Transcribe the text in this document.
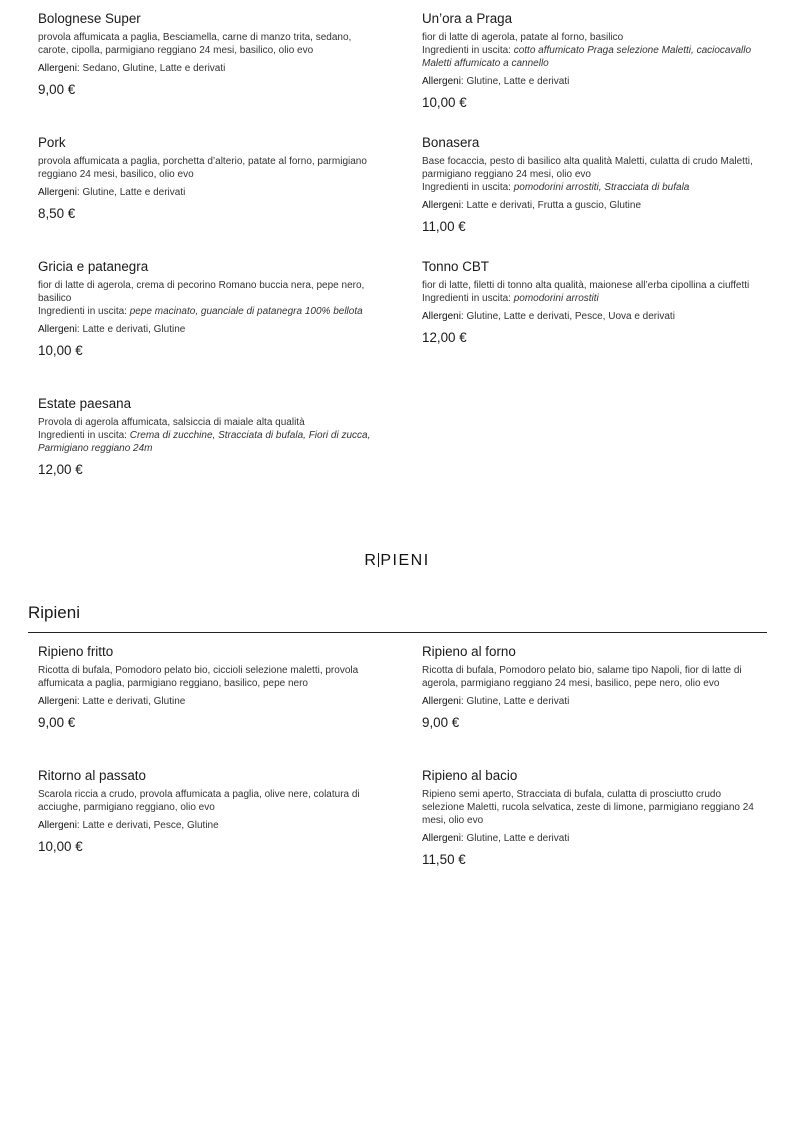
Bolognese Super

provola affumicata a paglia, Besciamella, carne di manzo trita, sedano, carote, cipolla, parmigiano reggiano 24 mesi, basilico, olio evo

Allergeni: Sedano, Glutine, Latte e derivati

9,00 €
Un’ora a Praga

fior di latte di agerola, patate al forno, basilico

Ingredienti in uscita: cotto affumicato Praga selezione Maletti, caciocavallo Maletti affumicato a cannello

Allergeni: Glutine, Latte e derivati

10,00 €
Pork

provola affumicata a paglia, porchetta d’alterio, patate al forno, parmigiano reggiano 24 mesi, basilico, olio evo

Allergeni: Glutine, Latte e derivati

8,50 €
Bonasera

Base focaccia, pesto di basilico alta qualità Maletti, culatta di crudo Maletti, parmigiano reggiano 24 mesi, olio evo

Ingredienti in uscita: pomodorini arrostiti, Stracciata di bufala

Allergeni: Latte e derivati, Frutta a guscio, Glutine

11,00 €
Gricia e patanegra

fior di latte di agerola, crema di pecorino Romano buccia nera, pepe nero, basilico

Ingredienti in uscita: pepe macinato, guanciale di patanegra 100% bellota

Allergeni: Latte e derivati, Glutine

10,00 €
Tonno CBT

fior di latte, filetti di tonno alta qualità, maionese all’erba cipollina a ciuffetti

Ingredienti in uscita: pomodorini arrostiti

Allergeni: Glutine, Latte e derivati, Pesce, Uova e derivati

12,00 €
Estate paesana

Provola di agerola affumicata, salsiccia di maiale alta qualità

Ingredienti in uscita: Crema di zucchine, Stracciata di bufala, Fiori di zucca, Parmigiano reggiano 24m

12,00 €
R PIENI
Ripieni
Ripieno fritto

Ricotta di bufala, Pomodoro pelato bio, ciccioli selezione maletti, provola affumicata a paglia, parmigiano reggiano, basilico, pepe nero

Allergeni: Latte e derivati, Glutine

9,00 €
Ripieno al forno

Ricotta di bufala, Pomodoro pelato bio, salame tipo Napoli, fior di latte di agerola, parmigiano reggiano 24 mesi, basilico, pepe nero, olio evo

Allergeni: Glutine, Latte e derivati

9,00 €
Ritorno al passato

Scarola riccia a crudo, provola affumicata a paglia, olive nere, colatura di acciughe, parmigiano reggiano, olio evo

Allergeni: Latte e derivati, Pesce, Glutine

10,00 €
Ripieno al bacio

Ripieno semi aperto, Stracciata di bufala, culatta di prosciutto crudo selezione Maletti, rucola selvatica, zeste di limone, parmigiano reggiano 24 mesi, olio evo

Allergeni: Glutine, Latte e derivati

11,50 €
